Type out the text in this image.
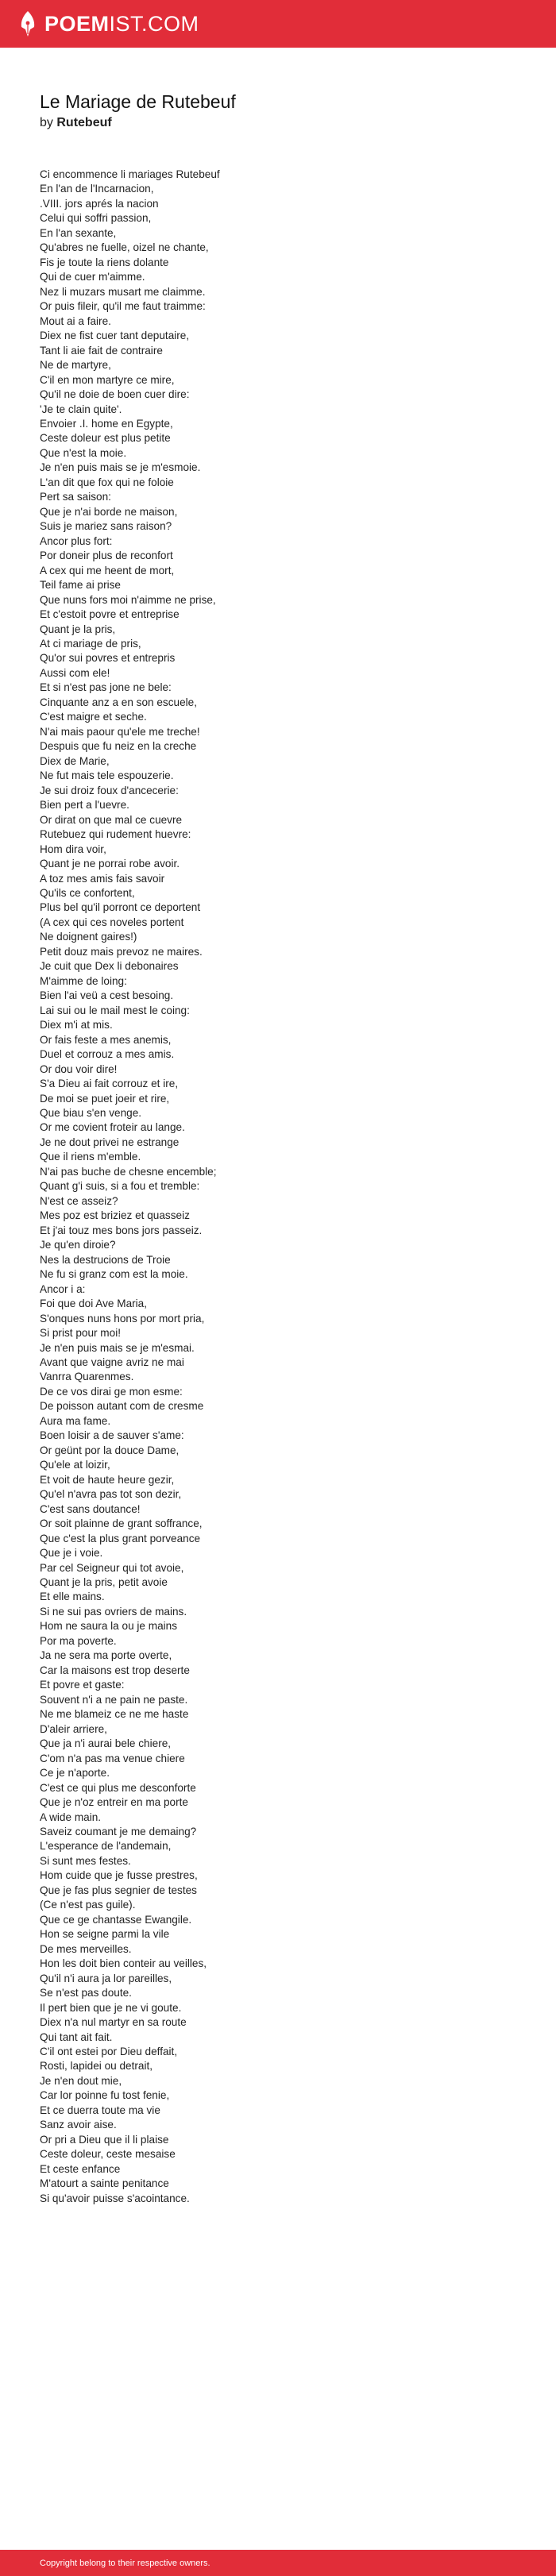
POEMIST.COM
Le Mariage de Rutebeuf
by Rutebeuf
Ci encommence li mariages Rutebeuf
En l'an de l'Incarnacion,
.VIII. jors aprés la nacion
Celui qui soffri passion,
En l'an sexante,
Qu'abres ne fuelle, oizel ne chante,
Fis je toute la riens dolante
Qui de cuer m'aimme.
Nez li muzars musart me claimme.
Or puis fileir, qu'il me faut traimme:
Mout ai a faire.
Diex ne fist cuer tant deputaire,
Tant li aie fait de contraire
Ne de martyre,
C'il en mon martyre ce mire,
Qu'il ne doie de boen cuer dire:
'Je te clain quite'.
Envoier .I. home en Egypte,
Ceste doleur est plus petite
Que n'est la moie.
Je n'en puis mais se je m'esmoie.
L'an dit que fox qui ne foloie
Pert sa saison:
Que je n'ai borde ne maison,
Suis je mariez sans raison?
Ancor plus fort:
Por doneir plus de reconfort
A cex qui me heent de mort,
Teil fame ai prise
Que nuns fors moi n'aimme ne prise,
Et c'estoit povre et entreprise
Quant je la pris,
At ci mariage de pris,
Qu'or sui povres et entrepris
Aussi com ele!
Et si n'est pas jone ne bele:
Cinquante anz a en son escuele,
C'est maigre et seche.
N'ai mais paour qu'ele me treche!
Despuis que fu neiz en la creche
Diex de Marie,
Ne fut mais tele espouzerie.
Je sui droiz foux d'ancecerie:
Bien pert a l'uevre.
Or dirat on que mal ce cuevre
Rutebuez qui rudement huevre:
Hom dira voir,
Quant je ne porrai robe avoir.
A toz mes amis fais savoir
Qu'ils ce confortent,
Plus bel qu'il porront ce deportent
(A cex qui ces noveles portent
Ne doignent gaires!)
Petit douz mais prevoz ne maires.
Je cuit que Dex li debonaires
M'aimme de loing:
Bien l'ai veü a cest besoing.
Lai sui ou le mail mest le coing:
Diex m'i at mis.
Or fais feste a mes anemis,
Duel et corrouz a mes amis.
Or dou voir dire!
S'a Dieu ai fait corrouz et ire,
De moi se puet joeir et rire,
Que biau s'en venge.
Or me covient froteir au lange.
Je ne dout privei ne estrange
Que il riens m'emble.
N'ai pas buche de chesne encemble;
Quant g'i suis, si a fou et tremble:
N'est ce asseiz?
Mes poz est briziez et quasseiz
Et j'ai touz mes bons jors passeiz.
Je qu'en diroie?
Nes la destrucions de Troie
Ne fu si granz com est la moie.
Ancor i a:
Foi que doi Ave Maria,
S'onques nuns hons por mort pria,
Si prist pour moi!
Je n'en puis mais se je m'esmai.
Avant que vaigne avriz ne mai
Vanrra Quarenmes.
De ce vos dirai ge mon esme:
De poisson autant com de cresme
Aura ma fame.
Boen loisir a de sauver s'ame:
Or geünt por la douce Dame,
Qu'ele at loizir,
Et voit de haute heure gezir,
Qu'el n'avra pas tot son dezir,
C'est sans doutance!
Or soit plainne de grant soffrance,
Que c'est la plus grant porveance
Que je i voie.
Par cel Seigneur qui tot avoie,
Quant je la pris, petit avoie
Et elle mains.
Si ne sui pas ovriers de mains.
Hom ne saura la ou je mains
Por ma poverte.
Ja ne sera ma porte overte,
Car la maisons est trop deserte
Et povre et gaste:
Souvent n'i a ne pain ne paste.
Ne me blameiz ce ne me haste
D'aleir arriere,
Que ja n'i aurai bele chiere,
C'om n'a pas ma venue chiere
Ce je n'aporte.
C'est ce qui plus me desconforte
Que je n'oz entreir en ma porte
A wide main.
Saveiz coumant je me demaing?
L'esperance de l'andemain,
Si sunt mes festes.
Hom cuide que je fusse prestres,
Que je fas plus segnier de testes
(Ce n'est pas guile).
Que ce ge chantasse Ewangile.
Hon se seigne parmi la vile
De mes merveilles.
Hon les doit bien conteir au veilles,
Qu'il n'i aura ja lor pareilles,
Se n'est pas doute.
Il pert bien que je ne vi goute.
Diex n'a nul martyr en sa route
Qui tant ait fait.
C'il ont estei por Dieu deffait,
Rosti, lapidei ou detrait,
Je n'en dout mie,
Car lor poinne fu tost fenie,
Et ce duerra toute ma vie
Sanz avoir aise.
Or pri a Dieu que il li plaise
Ceste doleur, ceste mesaise
Et ceste enfance
M'atourt a sainte penitance
Si qu'avoir puisse s'acointance.
Copyright belong to their respective owners.
